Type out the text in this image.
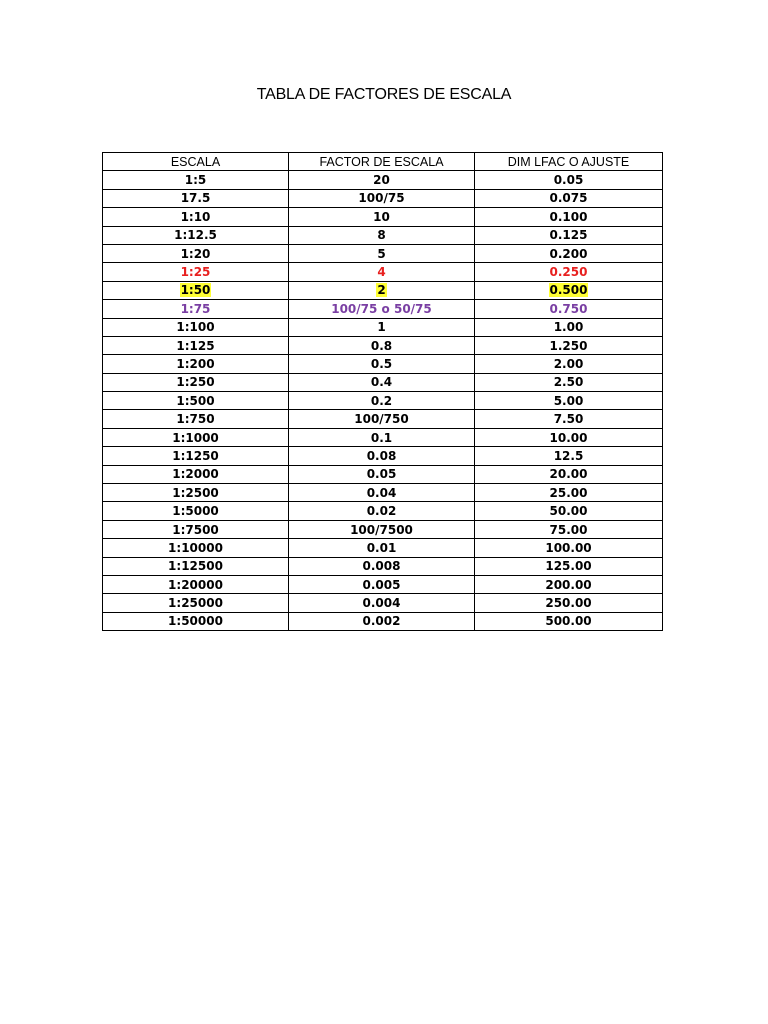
TABLA DE FACTORES DE ESCALA
ESCALA	FACTOR DE ESCALA	DIM LFAC O AJUSTE
1:5	20	0.05
17.5	100/75	0.075
1:10	10	0.100
1:12.5	8	0.125
1:20	5	0.200
1:25	4	0.250
1:50	2	0.500
1:75	100/75 o 50/75	0.750
1:100	1	1.00
1:125	0.8	1.250
1:200	0.5	2.00
1:250	0.4	2.50
1:500	0.2	5.00
1:750	100/750	7.50
1:1000	0.1	10.00
1:1250	0.08	12.5
1:2000	0.05	20.00
1:2500	0.04	25.00
1:5000	0.02	50.00
1:7500	100/7500	75.00
1:10000	0.01	100.00
1:12500	0.008	125.00
1:20000	0.005	200.00
1:25000	0.004	250.00
1:50000	0.002	500.00
